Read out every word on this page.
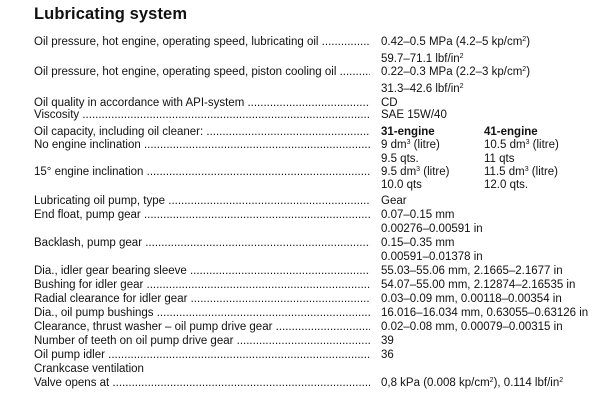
Lubricating system
Oil pressure, hot engine, operating speed, lubricating oil .....	0.42–0.5 MPa (4.2–5 $kp/cm^2$)
59.7–71.1 lbf/$in^2$
Oil pressure, hot engine, operating speed, piston cooling oil .....	0.22–0.3 MPa (2.2–3 $kp/cm^2$)
31.3–42.6 lbf/$in^2$
Oil quality in accordance with API-system .....	CD
Viscosity .....	SAE 15W/40
Oil capacity, including oil cleaner: .....	31-engine	41-engine
No engine inclination .....	9 $dm^3$ (litre)	10.5 $dm^3$ (litre)
9.5 qts.	11 qts
15° engine inclination .....	9.5 $dm^3$ (litre)	11.5 $dm^3$ (litre)
10.0 qts	12.0 qts.
Lubricating oil pump, type .....	Gear
End float, pump gear .....	0.07–0.15 mm
0.00276–0.00591 in
Backlash, pump gear .....	0.15–0.35 mm
0.00591–0.01378 in
Dia., idler gear bearing sleeve .....	55.03–55.06 mm, 2.1665–2.1677 in
Bushing for idler gear .....	54.07–55.00 mm, 2.12874–2.16535 in
Radial clearance for idler gear .....	0.03–0.09 mm, 0.00118–0.00354 in
Dia., oil pump bushings .....	16.016–16.034 mm, 0.63055–0.63126 in
Clearance, thrust washer – oil pump drive gear .....	0.02–0.08 mm, 0.00079–0.00315 in
Number of teeth on oil pump drive gear .....	39
Oil pump idler .....	36
Crankcase ventilation
Valve opens at .....	0,8 kPa (0.008 $kp/cm^2$), 0.114 lbf/$in^2$
